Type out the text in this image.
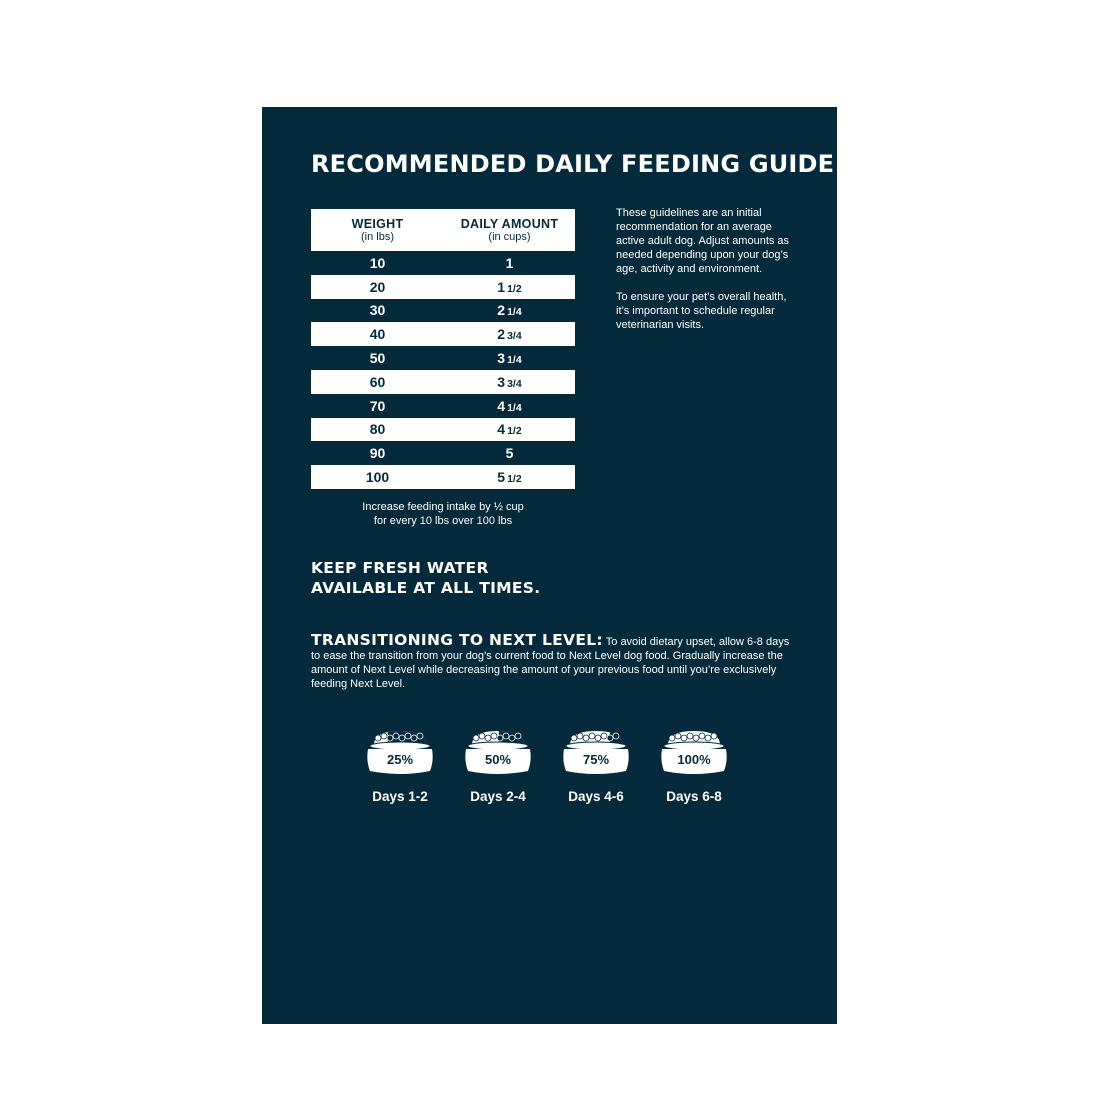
RECOMMENDED DAILY FEEDING GUIDE
WEIGHT
(in lbs)
DAILY AMOUNT
(in cups)
10	1
20	1 1/2
30	2 1/4
40	2 3/4
50	3 1/4
60	3 3/4
70	4 1/4
80	4 1/2
90	5
100	5 1/2
Increase feeding intake by ½ cup
for every 10 lbs over 100 lbs

These guidelines are an initial recommendation for an average active adult dog. Adjust amounts as needed depending upon your dog’s age, activity and environment.

To ensure your pet’s overall health, it’s important to schedule regular veterinarian visits.

KEEP FRESH WATER
AVAILABLE AT ALL TIMES.
TRANSITIONING TO NEXT LEVEL: To avoid dietary upset, allow 6-8 days to ease the transition from your dog’s current food to Next Level dog food. Gradually increase the amount of Next Level while decreasing the amount of your previous food until you’re exclusively feeding Next Level.
25%
Days 1-2
50%
Days 2-4
75%
Days 4-6
100%
Days 6-8
